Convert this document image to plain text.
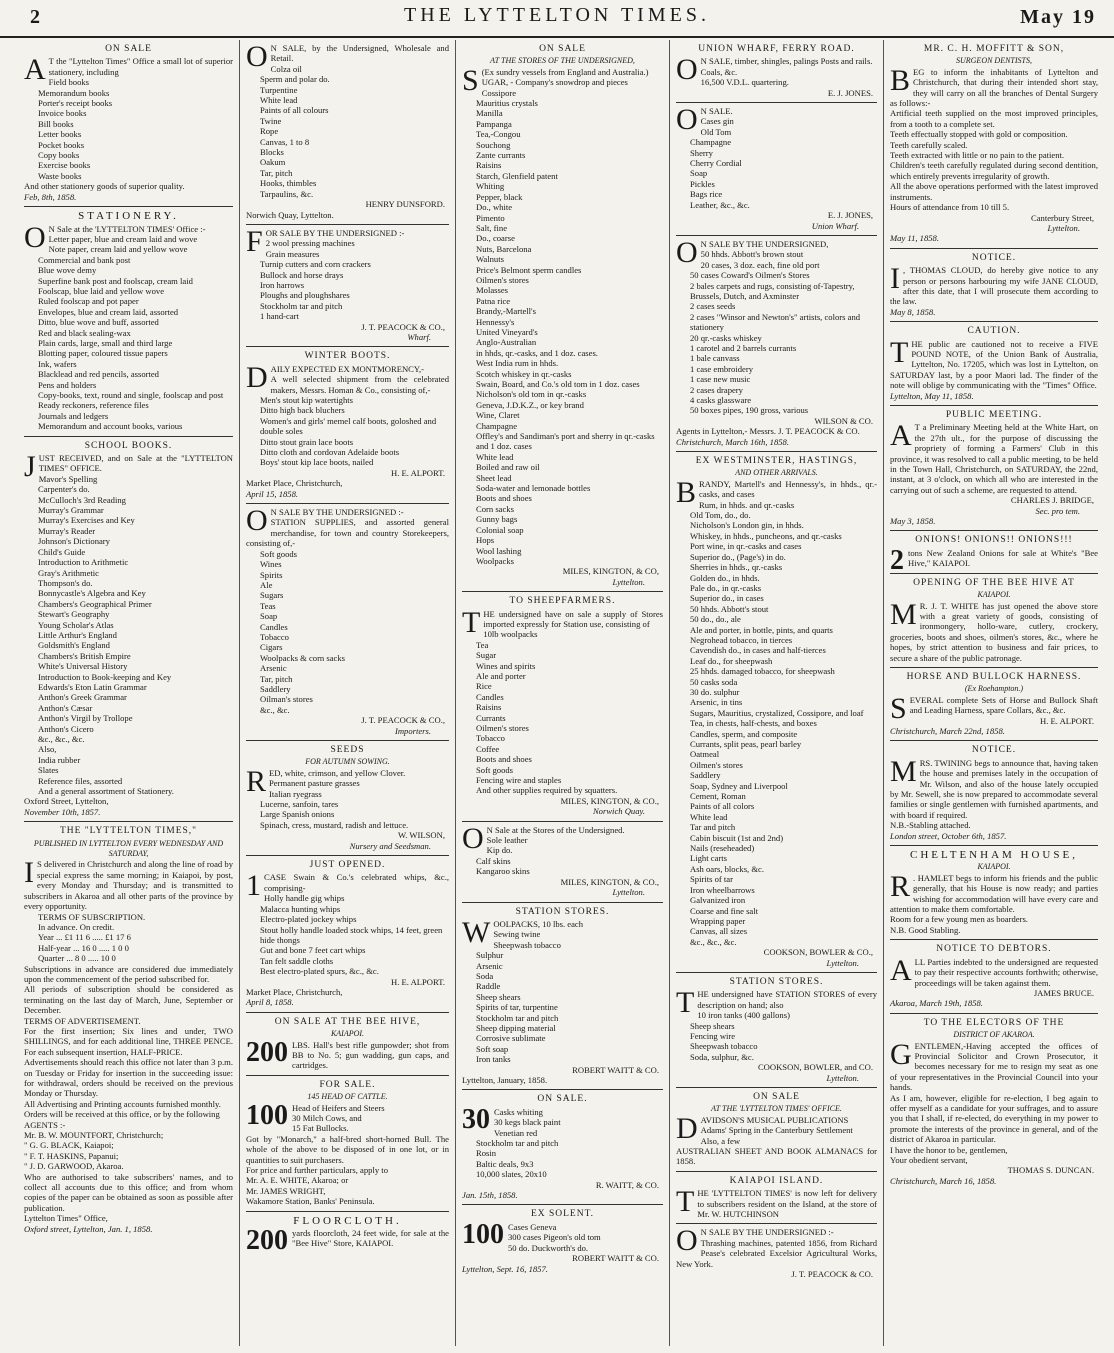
2	THE LYTTELTON TIMES.	May 19
ON SALE
A T the "Lyttelton Times" Office a small lot of superior stationery, including

Field books
Memorandum books
Porter's receipt books
Invoice books
Bill books
Letter books
Pocket books
Copy books
Exercise books
Waste books

And other stationery goods of superior quality.

Feb, 8th, 1858.
STATIONERY.
O N Sale at the 'LYTTELTON TIMES' Office :-

Letter paper, blue and cream laid and wove
Note paper, cream laid and yellow wove
Commercial and bank post
Blue wove demy
Superfine bank post and foolscap, cream laid
Foolscap, blue laid and yellow wove
Ruled foolscap and pot paper
Envelopes, blue and cream laid, assorted
Ditto, blue wove and buff, assorted
Red and black sealing-wax
Plain cards, large, small and third large
Blotting paper, coloured tissue papers
Ink, wafers
Blacklead and red pencils, assorted
Pens and holders
Copy-books, text, round and single, foolscap and post
Ready reckoners, reference files
Journals and ledgers
Memorandum and account books, various
SCHOOL BOOKS.
J UST RECEIVED, and on Sale at the "LYTTELTON TIMES" OFFICE.

Mavor's Spelling
Carpenter's do.
McCulloch's 3rd Reading
Murray's Grammar
Murray's Exercises and Key
Murray's Reader
Johnson's Dictionary
Child's Guide
Introduction to Arithmetic
Gray's Arithmetic
Thompson's do.
Bonnycastle's Algebra and Key
Chambers's Geographical Primer
Stewart's Geography
Young Scholar's Atlas
Little Arthur's England
Goldsmith's England
Chambers's British Empire
White's Universal History
Introduction to Book-keeping and Key
Edwards's Eton Latin Grammar
Anthon's Greek Grammar
Anthon's Cæsar
Anthon's Virgil by Trollope
Anthon's Cicero
&c., &c., &c.
Also,
India rubber
Slates
Reference files, assorted
And a general assortment of Stationery.
Oxford Street, Lyttelton,
November 10th, 1857.
THE "LYTTELTON TIMES,"
PUBLISHED IN LYTTELTON EVERY WEDNESDAY AND SATURDAY,
I S delivered in Christchurch and along the line of road by special express the same morning; in Kaiapoi, by post, every Monday and Thursday; and is transmitted to subscribers in Akaroa and all other parts of the province by every opportunity.

TERMS OF SUBSCRIPTION.
In advance. On credit.
Year ... £1 11 6 ..... £1 17 6
Half-year ... 16 0 ..... 1 0 0
Quarter ... 8 0 ..... 10 0

Subscriptions in advance are considered due immediately upon the commencement of the period subscribed for.

All periods of subscription should be considered as terminating on the last day of March, June, September or December.

TERMS OF ADVERTISEMENT.

For the first insertion; Six lines and under, TWO SHILLINGS, and for each additional line, THREE PENCE. For each subsequent insertion, HALF-PRICE.

Advertisements should reach this office not later than 3 p.m. on Tuesday or Friday for insertion in the succeeding issue: for withdrawal, orders should be received on the previous Monday or Thursday.

All Advertising and Printing accounts furnished monthly.

Orders will be received at this office, or by the following

AGENTS :-

Mr. B. W. MOUNTFORT, Christchurch;

" G. G. BLACK, Kaiapoi;

" F. T. HASKINS, Papanui;

" J. D. GARWOOD, Akaroa.

Who are authorised to take subscribers' names, and to collect all accounts due to this office; and from whom copies of the paper can be obtained as soon as possible after publication.

Lyttelton Times" Office,
Oxford street, Lyttelton, Jan. 1, 1858.
O N SALE, by the Undersigned, Wholesale and Retail.

Colza oil
Sperm and polar do.
Turpentine
White lead
Paints of all colours
Twine
Rope
Canvas, 1 to 8
Blocks
Oakum
Tar, pitch
Hooks, thimbles
Tarpaulins, &c.
HENRY DUNSFORD.
Norwich Quay, Lyttelton.
F OR SALE BY THE UNDERSIGNED :-

2 wool pressing machines
Grain measures
Turnip cutters and corn crackers
Bullock and horse drays
Iron harrows
Ploughs and ploughshares
Stockholm tar and pitch
1 hand-cart
J. T. PEACOCK & CO.,
Wharf.
WINTER BOOTS.
D AILY EXPECTED EX MONTMORENCY,-

A well selected shipment from the celebrated makers, Messrs. Homan & Co., consisting of,-

Men's stout kip watertights
Ditto high back bluchers
Women's and girls' memel calf boots, goloshed and double soles
Ditto stout grain lace boots
Ditto cloth and cordovan Adelaide boots
Boys' stout kip lace boots, nailed
H. E. ALPORT.
Market Place, Christchurch,
April 15, 1858.
O N SALE BY THE UNDERSIGNED :-

STATION SUPPLIES, and assorted general merchandise, for town and country Storekeepers, consisting of,-

Soft goods
Wines
Spirits
Ale
Sugars
Teas
Soap
Candles
Tobacco
Cigars
Woolpacks & corn sacks
Arsenic
Tar, pitch
Saddlery
Oilman's stores
&c., &c.
J. T. PEACOCK & CO.,
Importers.
SEEDS
FOR AUTUMN SOWING.
R ED, white, crimson, and yellow Clover.

Permanent pasture grasses
Italian ryegrass
Lucerne, sanfoin, tares
Large Spanish onions
Spinach, cress, mustard, radish and lettuce.
W. WILSON,
Nursery and Seedsman.
JUST OPENED.
1 CASE Swain & Co.'s celebrated whips, &c., comprising-

Holly handle gig whips
Malacca hunting whips
Electro-plated jockey whips
Stout holly handle loaded stock whips, 14 feet, green hide thongs
Gut and bone 7 feet cart whips
Tan felt saddle cloths
Best electro-plated spurs, &c., &c.
H. E. ALPORT.
Market Place, Christchurch,
April 8, 1858.
ON SALE AT THE BEE HIVE,
KAIAPOI.
200 LBS. Hall's best rifle gunpowder; shot from BB to No. 5; gun wadding, gun caps, and cartridges.

FOR SALE.
145 HEAD OF CATTLE.
100 Head of Heifers and Steers

30 Milch Cows, and

15 Fat Bullocks.

Got by "Monarch," a half-bred short-horned Bull. The whole of the above to be disposed of in one lot, or in quantities to suit purchasers.

For price and further particulars, apply to

Mr. A. E. WHITE, Akaroa; or

Mr. JAMES WRIGHT,

Wakamore Station, Banks' Peninsula.

FLOORCLOTH.
200 yards floorcloth, 24 feet wide, for sale at the "Bee Hive" Store, KAIAPOI.

ON SALE
AT THE STORES OF THE UNDERSIGNED,
S (Ex sundry vessels from England and Australia.)

UGAR, - Company's snowdrop and pieces

Cossipore
Mauritius crystals
Manilla
Pampanga
Tea,-Congou
Souchong
Zante currants
Raisins
Starch, Glenfield patent
Whiting
Pepper, black
Do., white
Pimento
Salt, fine
Do., coarse
Nuts, Barcelona
Walnuts
Price's Belmont sperm candles
Oilmen's stores
Molasses
Patna rice
Brandy,-Martell's
Hennessy's
United Vineyard's
Anglo-Australian
in hhds, qr.-casks, and 1 doz. cases.
West India rum in hhds.
Scotch whiskey in qr.-casks
Swain, Board, and Co.'s old tom in 1 doz. cases
Nicholson's old tom in qr.-casks
Geneva, J.D.K.Z., or key brand
Wine, Claret
Champagne
Offley's and Sandiman's port and sherry in qr.-casks and 1 doz. cases
White lead
Boiled and raw oil
Sheet lead
Soda-water and lemonade bottles
Boots and shoes
Corn sacks
Gunny bags
Colonial soap
Hops
Wool lashing
Woolpacks
MILES, KINGTON, & CO,
Lyttelton.
TO SHEEPFARMERS.
T HE undersigned have on sale a supply of Stores imported expressly for Station use, consisting of

10lb woolpacks
Tea
Sugar
Wines and spirits
Ale and porter
Rice
Candles
Raisins
Currants
Oilmen's stores
Tobacco
Coffee
Boots and shoes
Soft goods
Fencing wire and staples
And other supplies required by squatters.
MILES, KINGTON, & CO.,
Norwich Quay.
O N Sale at the Stores of the Undersigned.

Sole leather
Kip do.
Calf skins
Kangaroo skins
MILES, KINGTON, & CO.,
Lyttelton.
STATION STORES.
W OOLPACKS, 10 lbs. each

Sewing twine
Sheepwash tobacco
Sulphur
Arsenic
Soda
Raddle
Sheep shears
Spirits of tar, turpentine
Stockholm tar and pitch
Sheep dipping material
Corrosive sublimate
Soft soap
Iron tanks
ROBERT WAITT & CO.
Lyttelton, January, 1858.
ON SALE.
30 Casks whiting

30 kegs black paint

Venetian red
Stockholm tar and pitch
Rosin
Baltic deals, 9x3
10,000 slates, 20x10
R. WAITT, & CO.
Jan. 15th, 1858.
EX SOLENT.
100 Cases Geneva

300 cases Pigeon's old tom

50 do. Duckworth's do.

ROBERT WAITT & CO.
Lyttelton, Sept. 16, 1857.
UNION WHARF, FERRY ROAD.
O N SALE, timber, shingles, palings Posts and rails.

Coals, &c.

16,500 V.D.L. quartering.

E. J. JONES.
O N SALE.

Cases gin
Old Tom
Champagne
Sherry
Cherry Cordial
Soap
Pickles
Bags rice
Leather, &c., &c.
E. J. JONES,
Union Wharf.
O N SALE BY THE UNDERSIGNED,

50 hhds. Abbott's brown stout
20 cases, 3 doz. each, fine old port
50 cases Coward's Oilmen's Stores
2 bales carpets and rugs, consisting of-Tapestry, Brussels, Dutch, and Axminster
2 cases seeds
2 cases "Winsor and Newton's" artists, colors and stationery
20 qr.-casks whiskey
1 carotel and 2 barrels currants
1 bale canvass
1 case embroidery
1 case new music
2 cases drapery
4 casks glassware
50 boxes pipes, 190 gross, various
WILSON & CO.
Agents in Lyttelton,- Messrs. J. T. PEACOCK & CO.
Christchurch, March 16th, 1858.
EX WESTMINSTER, HASTINGS,
AND OTHER ARRIVALS.
B RANDY, Martell's and Hennessy's, in hhds., qr.-casks, and cases

Rum, in hhds. and qr.-casks
Old Tom, do., do.
Nicholson's London gin, in hhds.
Whiskey, in hhds., puncheons, and qr.-casks
Port wine, in qr.-casks and cases
Superior do., (Page's) in do.
Sherries in hhds., qr.-casks
Golden do., in hhds.
Pale do., in qr.-casks
Superior do., in cases
50 hhds. Abbott's stout
50 do., do., ale
Ale and porter, in bottle, pints, and quarts
Negrohead tobacco, in tierces
Cavendish do., in cases and half-tierces
Leaf do., for sheepwash
25 hhds. damaged tobacco, for sheepwash
50 casks soda
30 do. sulphur
Arsenic, in tins
Sugars, Mauritius, crystalized, Cossipore, and loaf
Tea, in chests, half-chests, and boxes
Candles, sperm, and composite
Currants, split peas, pearl barley
Oatmeal
Oilmen's stores
Saddlery
Soap, Sydney and Liverpool
Cement, Roman
Paints of all colors
White lead
Tar and pitch
Cabin biscuit (1st and 2nd)
Nails (reseheaded)
Light carts
Ash oars, blocks, &c.
Spirits of tar
Iron wheelbarrows
Galvanized iron
Coarse and fine salt
Wrapping paper
Canvas, all sizes
&c., &c., &c.
COOKSON, BOWLER & CO.,
Lyttelton.
STATION STORES.
T HE undersigned have STATION STORES of every description on hand; also

10 iron tanks (400 gallons)
Sheep shears
Fencing wire
Sheepwash tobacco
Soda, sulphur, &c.
COOKSON, BOWLER, and CO.
Lyttelton.
ON SALE
AT THE 'LYTTELTON TIMES' OFFICE.
D AVIDSON'S MUSICAL PUBLICATIONS

Adams' Spring in the Canterbury Settlement

Also, a few

AUSTRALIAN SHEET AND BOOK ALMANACS for 1858.

KAIAPOI ISLAND.
T HE 'LYTTELTON TIMES' is now left for delivery to subscribers resident on the Island, at the store of Mr. W. HUTCHINSON

O N SALE BY THE UNDERSIGNED :-

Thrashing machines, patented 1856, from Richard Pease's celebrated Excelsior Agricultural Works, New York.

J. T. PEACOCK & CO.
MR. C. H. MOFFITT & SON,
SURGEON DENTISTS,
B EG to inform the inhabitants of Lyttelton and Christchurch, that during their intended short stay, they will carry on all the branches of Dental Surgery as follows:-

Artificial teeth supplied on the most improved principles, from a tooth to a complete set.

Teeth effectually stopped with gold or composition.

Teeth carefully scaled.

Teeth extracted with little or no pain to the patient.

Children's teeth carefully regulated during second dentition, which entirely prevents irregularity of growth.

All the above operations performed with the latest improved instruments.

Hours of attendance from 10 till 5.

Canterbury Street,
Lyttelton.
May 11, 1858.
NOTICE.
I , THOMAS CLOUD, do hereby give notice to any person or persons harbouring my wife JANE CLOUD, after this date, that I will prosecute them according to the law.

May 8, 1858.
CAUTION.
T HE public are cautioned not to receive a FIVE POUND NOTE, of the Union Bank of Australia, Lyttelton, No. 17205, which was lost in Lyttelton, on SATURDAY last, by a poor Maori lad. The finder of the note will oblige by communicating with the "Times" Office.

Lyttelton, May 11, 1858.
PUBLIC MEETING.
A T a Preliminary Meeting held at the White Hart, on the 27th ult., for the purpose of discussing the propriety of forming a Farmers' Club in this province, it was resolved to call a public meeting, to be held in the Town Hall, Christchurch, on SATURDAY, the 22nd, instant, at 3 o'clock, on which all who are interested in the carrying out of such a scheme, are requested to attend.

CHARLES J. BRIDGE,
Sec. pro tem.
May 3, 1858.
ONIONS! ONIONS!! ONIONS!!!
2 tons New Zealand Onions for sale at White's "Bee Hive," KAIAPOI.

OPENING OF THE BEE HIVE AT
KAIAPOI.
M R. J. T. WHITE has just opened the above store with a great variety of goods, consisting of ironmongery, hollo-ware, cutlery, crockery, groceries, boots and shoes, oilmen's stores, &c., where he hopes, by strict attention to business and fair prices, to secure a share of the public patronage.

HORSE AND BULLOCK HARNESS.
(Ex Roehampton.)
S EVERAL complete Sets of Horse and Bullock Shaft and Leading Harness, spare Collars, &c., &c.

H. E. ALPORT.
Christchurch, March 22nd, 1858.
NOTICE.
M RS. TWINING begs to announce that, having taken the house and premises lately in the occupation of Mr. Wilson, and also of the house lately occupied by Mr. Sewell, she is now prepared to accommodate several families or single gentlemen with furnished apartments, and with board if required.

N.B.-Stabling attached.

London street, October 6th, 1857.
CHELTENHAM HOUSE,
KAIAPOI.
R . HAMLET begs to inform his friends and the public generally, that his House is now ready; and parties wishing for accommodation will have every care and attention to make them comfortable.

Room for a few young men as boarders.

N.B. Good Stabling.

NOTICE TO DEBTORS.
A LL Parties indebted to the undersigned are requested to pay their respective accounts forthwith; otherwise, proceedings will be taken against them.

JAMES BRUCE.
Akaroa, March 19th, 1858.
TO THE ELECTORS OF THE
DISTRICT OF AKAROA.
G ENTLEMEN,-Having accepted the offices of Provincial Solicitor and Crown Prosecutor, it becomes necessary for me to resign my seat as one of your representatives in the Provincial Council into your hands.

As I am, however, eligible for re-election, I beg again to offer myself as a candidate for your suffrages, and to assure you that I shall, if re-elected, do everything in my power to promote the interests of the province in general, and of the district of Akaroa in particular.

I have the honor to be, gentlemen,

Your obedient servant,

THOMAS S. DUNCAN.
Christchurch, March 16, 1858.
